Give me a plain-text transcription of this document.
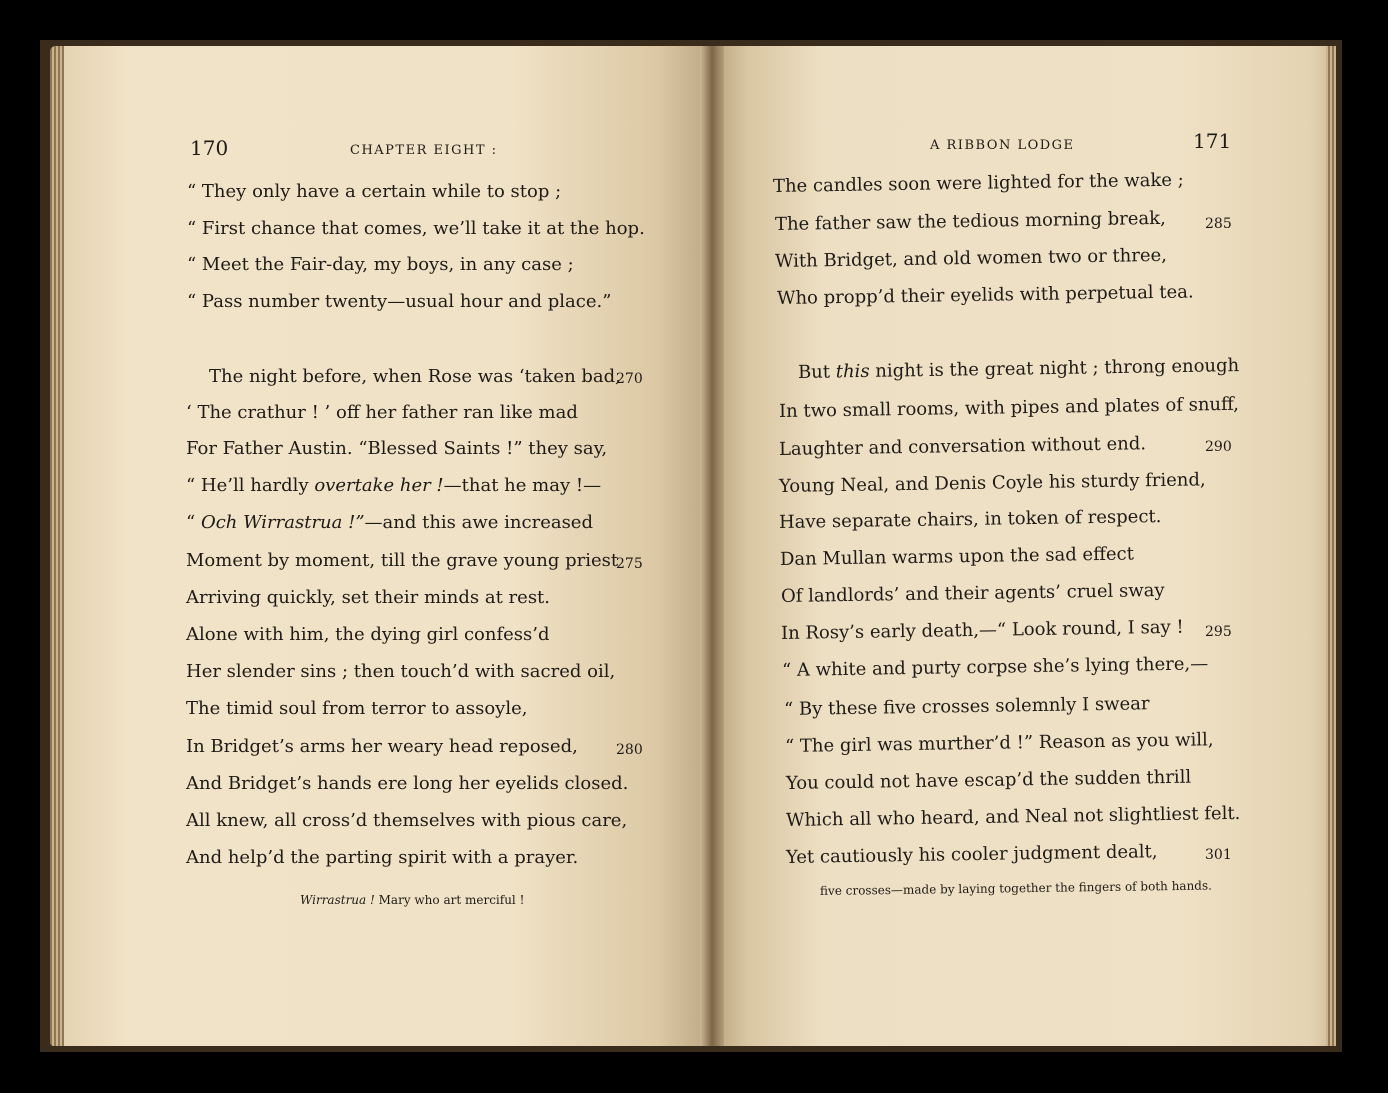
170	CHAPTER EIGHT :	A RIBBON LODGE	171
“ They only have a certain while to stop ;
“ First chance that comes, we’ll take it at the hop.
“ Meet the Fair-day, my boys, in any case ;
“ Pass number twenty—usual hour and place.”
The night before, when Rose was ‘taken bad,
270
‘ The crathur ! ’ off her father ran like mad
For Father Austin. “Blessed Saints !” they say,
“ He’ll hardly overtake her !—that he may !—
“ Och Wirrastrua !”—and this awe increased
Moment by moment, till the grave young priest
275
Arriving quickly, set their minds at rest.
Alone with him, the dying girl confess’d
Her slender sins ; then touch’d with sacred oil,
The timid soul from terror to assoyle,
In Bridget’s arms her weary head reposed,	280
And Bridget’s hands ere long her eyelids closed.
All knew, all cross’d themselves with pious care,
And help’d the parting spirit with a prayer.
The candles soon were lighted for the wake ;
The father saw the tedious morning break,	285
With Bridget, and old women two or three,
Who propp’d their eyelids with perpetual tea.
But this night is the great night ; throng enough
In two small rooms, with pipes and plates of snuff,
Laughter and conversation without end.	290
Young Neal, and Denis Coyle his sturdy friend,
Have separate chairs, in token of respect.
Dan Mullan warms upon the sad effect
Of landlords’ and their agents’ cruel sway
In Rosy’s early death,—“ Look round, I say ! 295
“ A white and purty corpse she’s lying there,—
“ By these five crosses solemnly I swear
“ The girl was murther’d !” Reason as you will,
You could not have escap’d the sudden thrill
Which all who heard, and Neal not slightliest felt.
Yet cautiously his cooler judgment dealt,	301
Wirrastrua ! Mary who art merciful !
five crosses—made by laying together the fingers of both hands.
